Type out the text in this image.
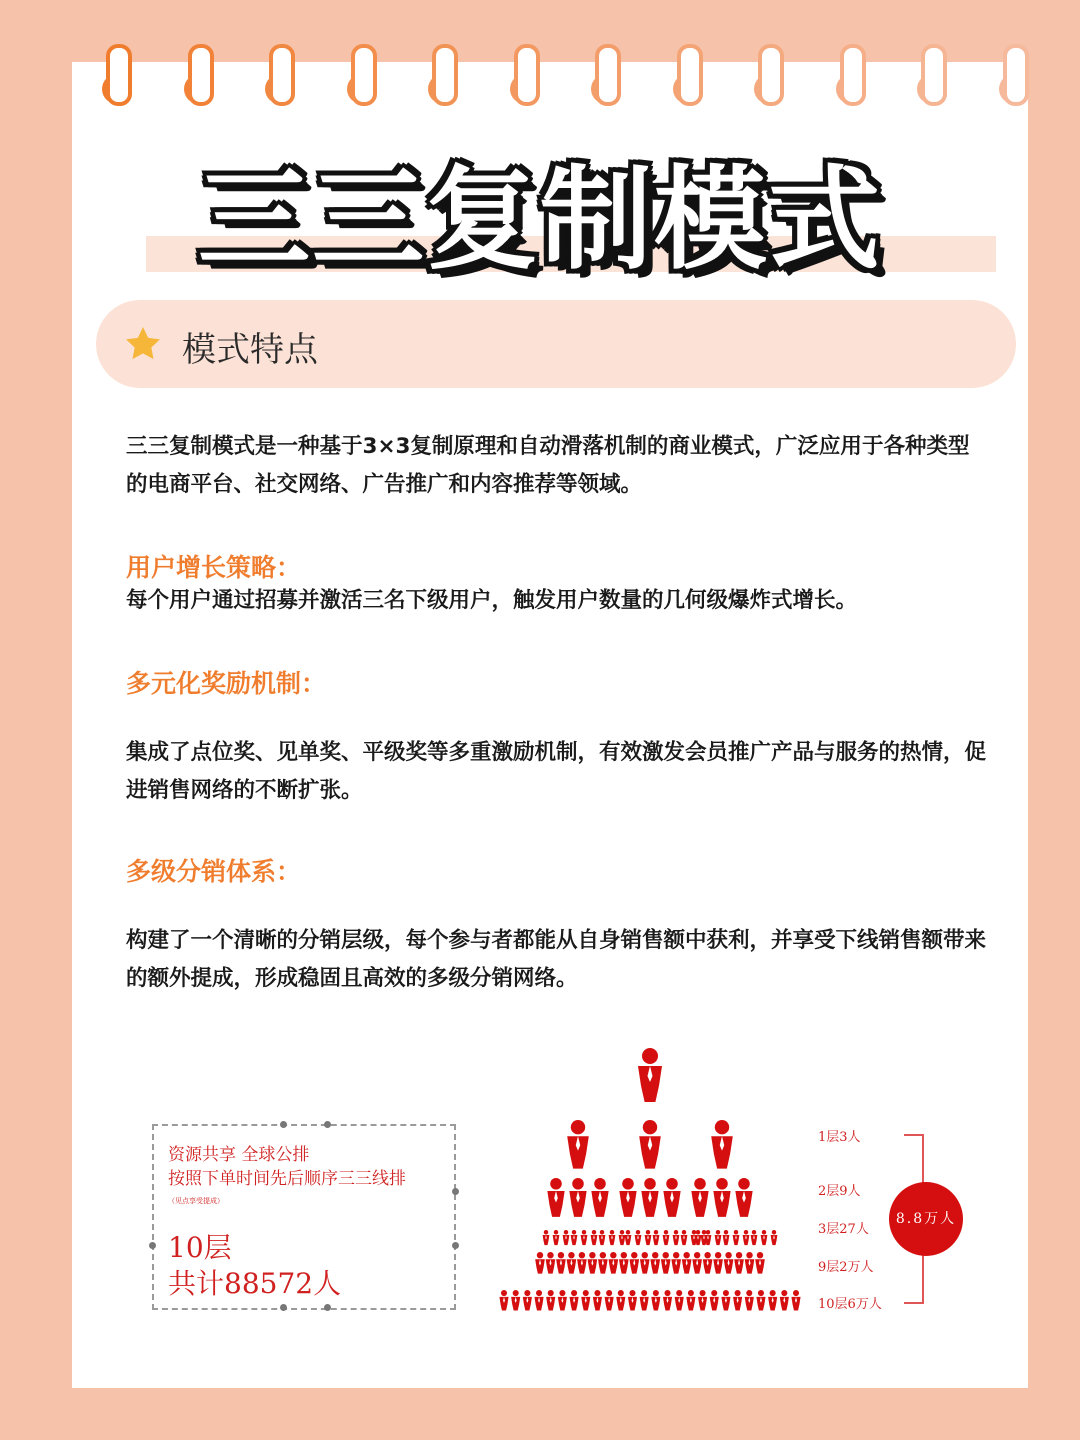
三三复制模式
模式特点
三三复制模式是一种基于3×3复制原理和自动滑落机制的商业模式，广泛应用于各种类型的电商平台、社交网络、广告推广和内容推荐等领域。
用户增长策略：
每个用户通过招募并激活三名下级用户，触发用户数量的几何级爆炸式增长。
多元化奖励机制：
集成了点位奖、见单奖、平级奖等多重激励机制，有效激发会员推广产品与服务的热情，促进销售网络的不断扩张。
多级分销体系：
构建了一个清晰的分销层级，每个参与者都能从自身销售额中获利，并享受下线销售额带来的额外提成，形成稳固且高效的多级分销网络。
资源共享 全球公排
按照下单时间先后顺序三三线排
（见点享受提成）
10层
共计88572人
1层3人
2层9人
3层27人
9层2万人
10层6万人
8.8万人
